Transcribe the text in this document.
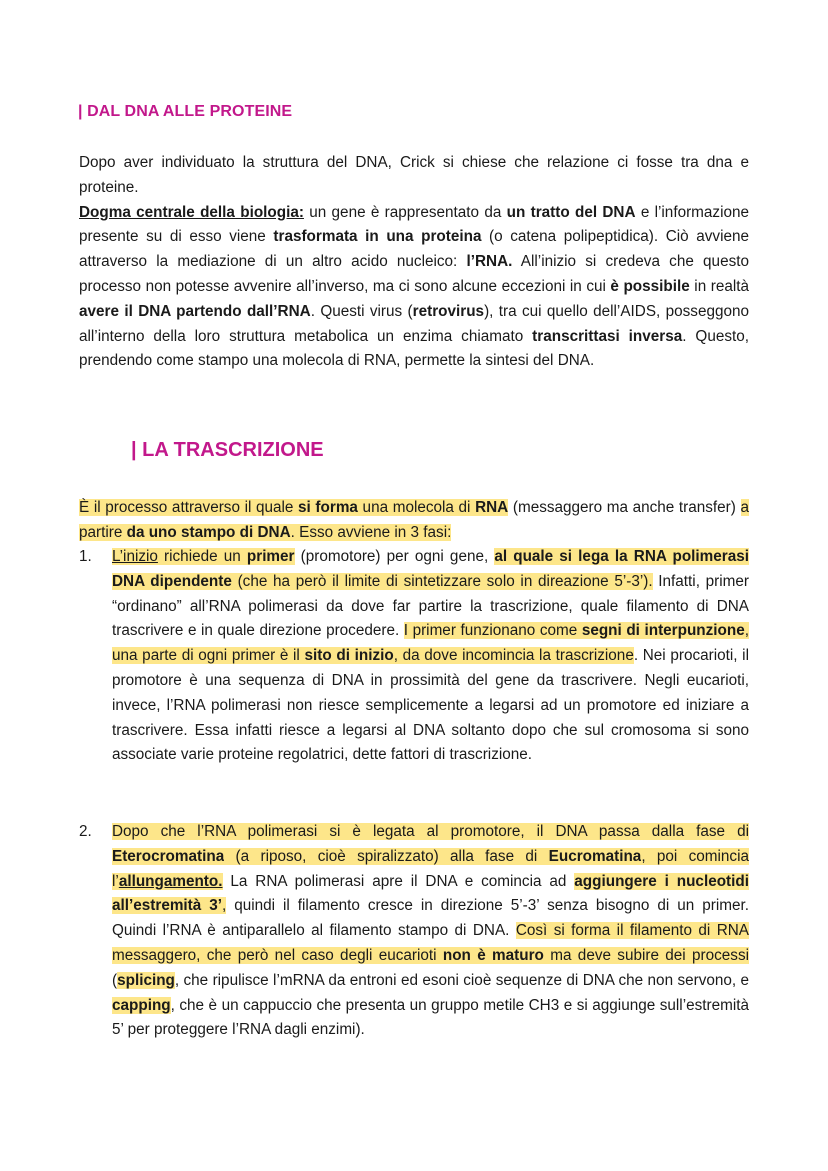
| DAL DNA ALLE PROTEINE
Dopo aver individuato la struttura del DNA, Crick si chiese che relazione ci fosse tra dna e proteine.
Dogma centrale della biologia: un gene è rappresentato da un tratto del DNA e l’informazione presente su di esso viene trasformata in una proteina (o catena polipeptidica). Ciò avviene attraverso la mediazione di un altro acido nucleico: l’RNA. All’inizio si credeva che questo processo non potesse avvenire all’inverso, ma ci sono alcune eccezioni in cui è possibile in realtà avere il DNA partendo dall’RNA. Questi virus (retrovirus), tra cui quello dell’AIDS, posseggono all’interno della loro struttura metabolica un enzima chiamato transcrittasi inversa. Questo, prendendo come stampo una molecola di RNA, permette la sintesi del DNA.
| LA TRASCRIZIONE
È il processo attraverso il quale si forma una molecola di RNA (messaggero ma anche transfer) a partire da uno stampo di DNA. Esso avviene in 3 fasi:
1.	L’inizio richiede un primer (promotore) per ogni gene, al quale si lega la RNA polimerasi DNA dipendente (che ha però il limite di sintetizzare solo in direazione 5’-3’). Infatti, primer “ordinano” all’RNA polimerasi da dove far partire la trascrizione, quale filamento di DNA trascrivere e in quale direzione procedere. I primer funzionano come segni di interpunzione, una parte di ogni primer è il sito di inizio, da dove incomincia la trascrizione. Nei procarioti, il promotore è una sequenza di DNA in prossimità del gene da trascrivere. Negli eucarioti, invece, l’RNA polimerasi non riesce semplicemente a legarsi ad un promotore ed iniziare a trascrivere. Essa infatti riesce a legarsi al DNA soltanto dopo che sul cromosoma si sono associate varie proteine regolatrici, dette fattori di trascrizione.
2.	Dopo che l’RNA polimerasi si è legata al promotore, il DNA passa dalla fase di Eterocromatina (a riposo, cioè spiralizzato) alla fase di Eucromatina, poi comincia l’allungamento. La RNA polimerasi apre il DNA e comincia ad aggiungere i nucleotidi all’estremità 3’, quindi il filamento cresce in direzione 5’-3’ senza bisogno di un primer. Quindi l’RNA è antiparallelo al filamento stampo di DNA. Così si forma il filamento di RNA messaggero, che però nel caso degli eucarioti non è maturo ma deve subire dei processi (splicing, che ripulisce l’mRNA da entroni ed esoni cioè sequenze di DNA che non servono, e capping, che è un cappuccio che presenta un gruppo metile CH3 e si aggiunge sull’estremità 5’ per proteggere l’RNA dagli enzimi).
